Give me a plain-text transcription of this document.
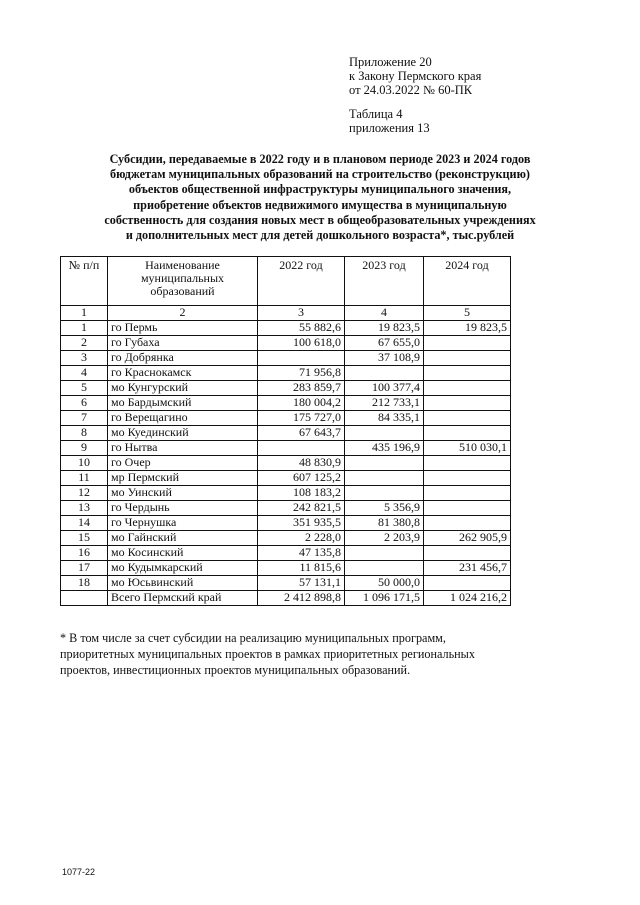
Приложение 20
к Закону Пермского края
от 24.03.2022 № 60-ПК
Таблица 4
приложения 13
Субсидии, передаваемые в 2022 году и в плановом периоде 2023 и 2024 годов
бюджетам муниципальных образований на строительство (реконструкцию)
объектов общественной инфраструктуры муниципального значения,
приобретение объектов недвижимого имущества в муниципальную
собственность для создания новых мест в общеобразовательных учреждениях
и дополнительных мест для детей дошкольного возраста*, тыс.рублей
№ п/п	Наименование муниципальных образований	2022 год	2023 год	2024 год
1	2	3	4	5
1	го Пермь	55 882,6	19 823,5	19 823,5
2	го Губаха	100 618,0	67 655,0	
3	го Добрянка		37 108,9	
4	го Краснокамск	71 956,8		
5	мо Кунгурский	283 859,7	100 377,4	
6	мо Бардымский	180 004,2	212 733,1	
7	го Верещагино	175 727,0	84 335,1	
8	мо Куединский	67 643,7		
9	го Нытва		435 196,9	510 030,1
10	го Очер	48 830,9		
11	мр Пермский	607 125,2		
12	мо Уинский	108 183,2		
13	го Чердынь	242 821,5	5 356,9	
14	го Чернушка	351 935,5	81 380,8	
15	мо Гайнский	2 228,0	2 203,9	262 905,9
16	мо Косинский	47 135,8		
17	мо Кудымкарский	11 815,6		231 456,7
18	мо Юсьвинский	57 131,1	50 000,0	
	Всего Пермский край	2 412 898,8	1 096 171,5	1 024 216,2
* В том числе за счет субсидии на реализацию муниципальных программ,
приоритетных муниципальных проектов в рамках приоритетных региональных
проектов, инвестиционных проектов муниципальных образований.
1077-22
